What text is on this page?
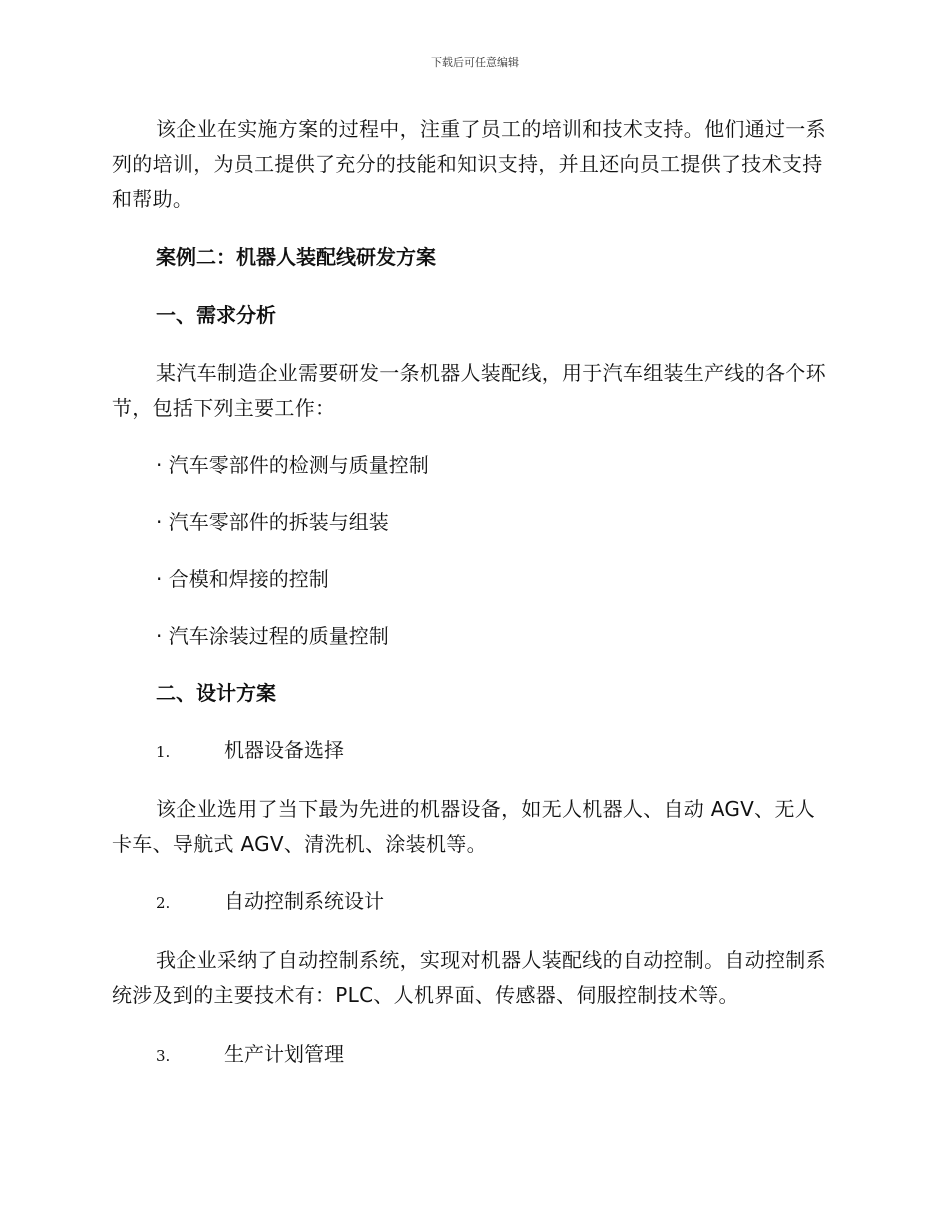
下载后可任意编辑

该企业在实施方案的过程中，注重了员工的培训和技术支持。他们通过一系列的培训，为员工提供了充分的技能和知识支持，并且还向员工提供了技术支持和帮助。

案例二：机器人装配线研发方案

一、需求分析

某汽车制造企业需要研发一条机器人装配线，用于汽车组装生产线的各个环节，包括下列主要工作：

· 汽车零部件的检测与质量控制

· 汽车零部件的拆装与组装

· 合模和焊接的控制

· 汽车涂装过程的质量控制

二、设计方案

1.	机器设备选择

该企业选用了当下最为先进的机器设备，如无人机器人、自动 AGV、无人卡车、导航式 AGV、清洗机、涂装机等。

2.	自动控制系统设计

我企业采纳了自动控制系统，实现对机器人装配线的自动控制。自动控制系统涉及到的主要技术有：PLC、人机界面、传感器、伺服控制技术等。

3.	生产计划管理
